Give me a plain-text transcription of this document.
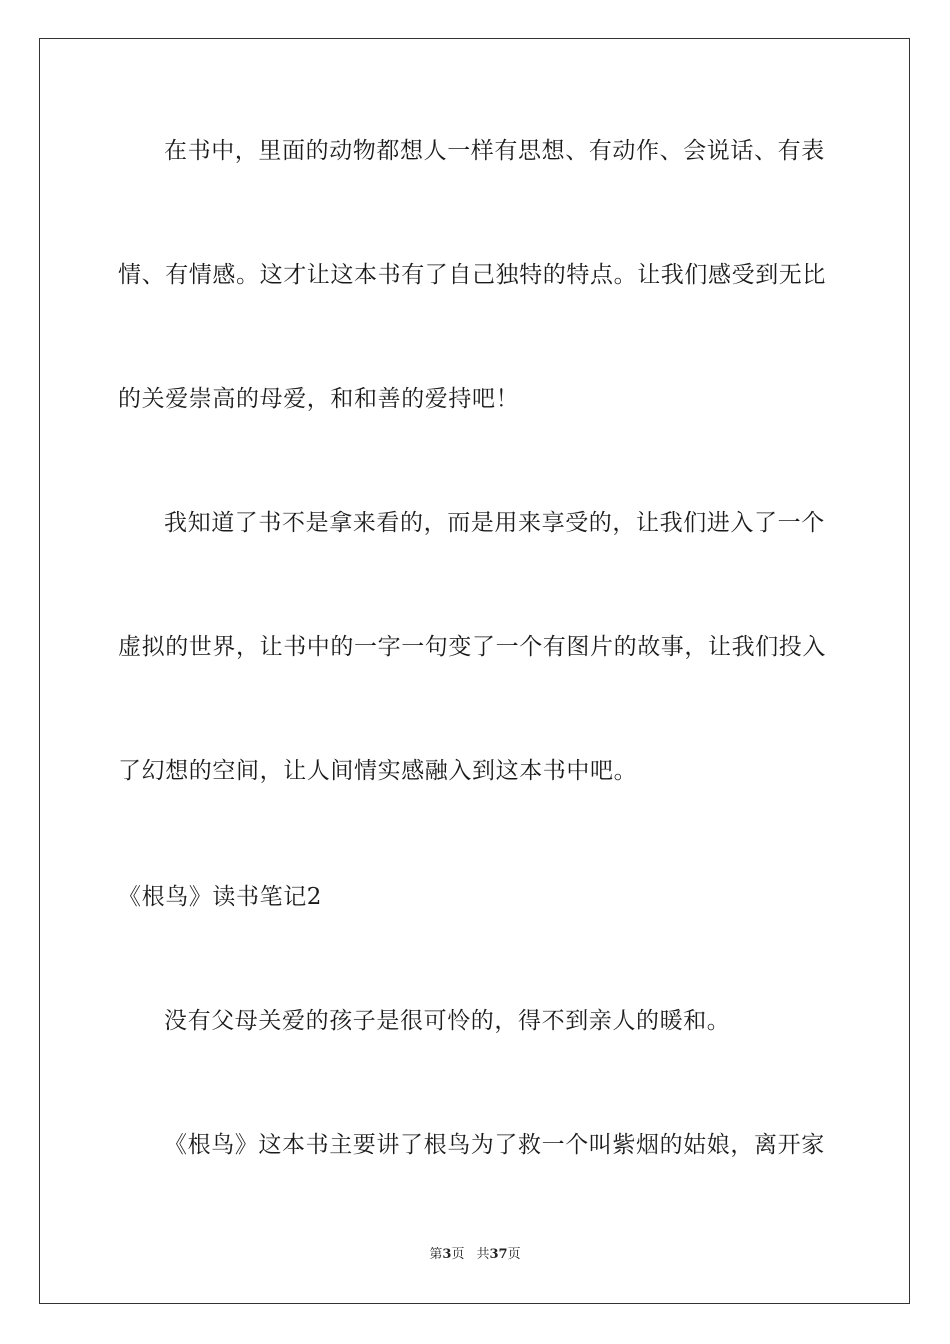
在书中，里面的动物都想人一样有思想、有动作、会说话、有表
情、有情感。这才让这本书有了自己独特的特点。让我们感受到无比
的关爱崇高的母爱，和和善的爱持吧！
我知道了书不是拿来看的，而是用来享受的，让我们进入了一个
虚拟的世界，让书中的一字一句变了一个有图片的故事，让我们投入
了幻想的空间，让人间情实感融入到这本书中吧。
《根鸟》读书笔记2
没有父母关爱的孩子是很可怜的，得不到亲人的暖和。
《根鸟》这本书主要讲了根鸟为了救一个叫紫烟的姑娘，离开家
第3页 共37页
